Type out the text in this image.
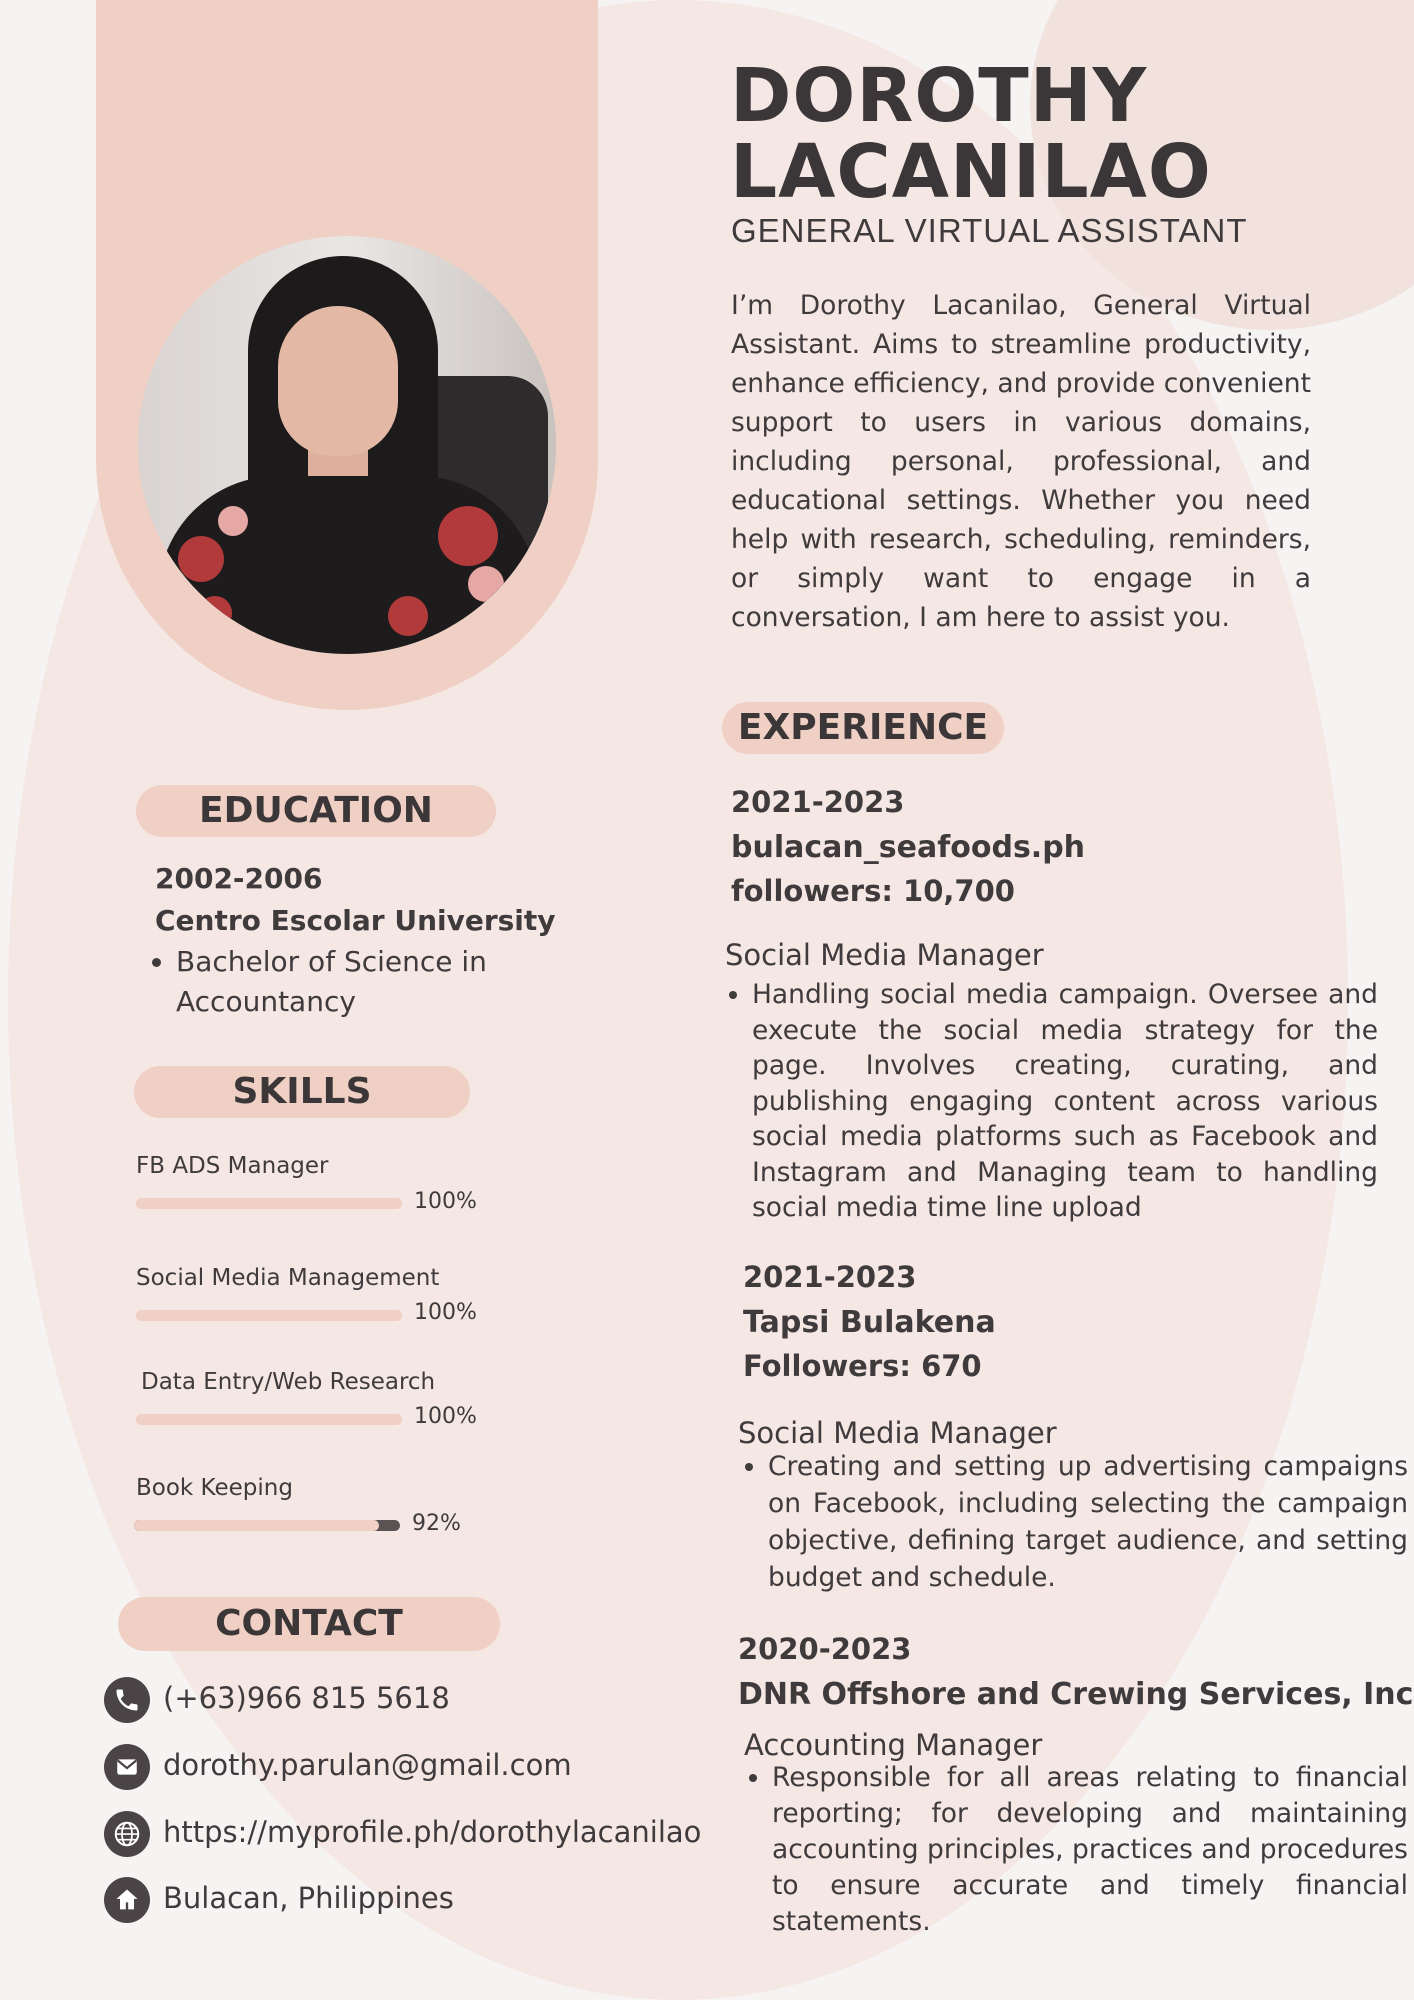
DOROTHY
LACANILAO
GENERAL VIRTUAL ASSISTANT

I’m Dorothy Lacanilao, General Virtual Assistant. Aims to streamline productivity, enhance efficiency, and provide convenient support to users in various domains, including personal, professional, and educational settings. Whether you need help with research, scheduling, reminders, or simply want to engage in a conversation, I am here to assist you.

EDUCATION
2002-2006
Centro Escolar University
• Bachelor of Science in Accountancy
SKILLS
FB ADS Manager
100%
Social Media Management
100%
Data Entry/Web Research
100%
Book Keeping
92%
CONTACT
(+63)966 815 5618
dorothy.parulan@gmail.com
https://myprofile.ph/dorothylacanilao
Bulacan, Philippines
EXPERIENCE
2021-2023
bulacan_seafoods.ph
followers: 10,700
Social Media Manager
• Handling social media campaign. Oversee and execute the social media strategy for the page. Involves creating, curating, and publishing engaging content across various social media platforms such as Facebook and Instagram and Managing team to handling social media time line upload
2021-2023
Tapsi Bulakena
Followers: 670
Social Media Manager
• Creating and setting up advertising campaigns on Facebook, including selecting the campaign objective, defining target audience, and setting budget and schedule.
2020-2023
DNR Offshore and Crewing Services, Inc
Accounting Manager
• Responsible for all areas relating to financial reporting; for developing and maintaining accounting principles, practices and procedures to ensure accurate and timely financial statements.
